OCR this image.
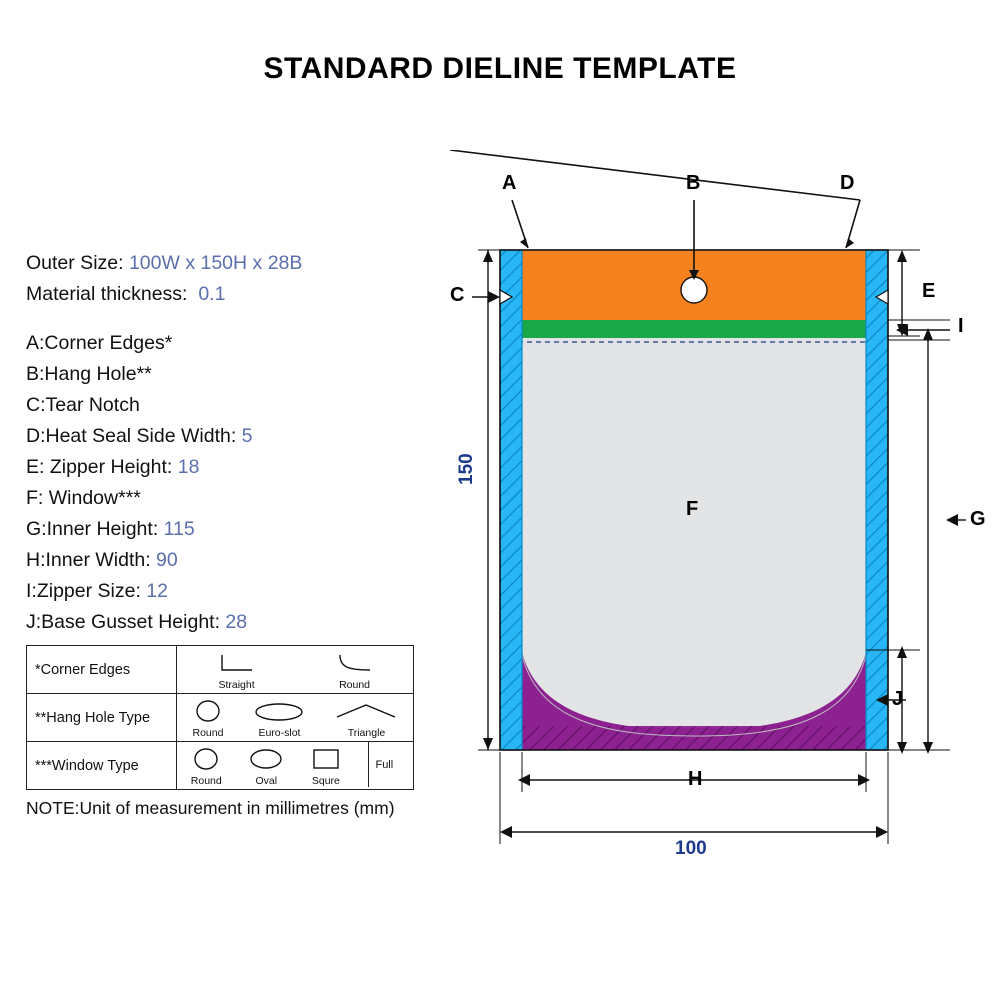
STANDARD DIELINE TEMPLATE
Outer Size: 100W x 150H x 28B
Material thickness:  0.1
A:Corner Edges*
B:Hang Hole**
C:Tear Notch
D:Heat Seal Side Width: 5
E: Zipper Height: 18
F: Window***
G:Inner Height: 115
H:Inner Width: 90
I:Zipper Size: 12
J:Base Gusset Height: 28
*Corner Edges
Straight	Round
**Hang Hole Type
Round	Euro-slot	Triangle
***Window Type
Round	Oval	Squre
Full
NOTE:Unit of measurement in millimetres (mm)
A	B	D
C	E
I
F	G
J
H
150
100
